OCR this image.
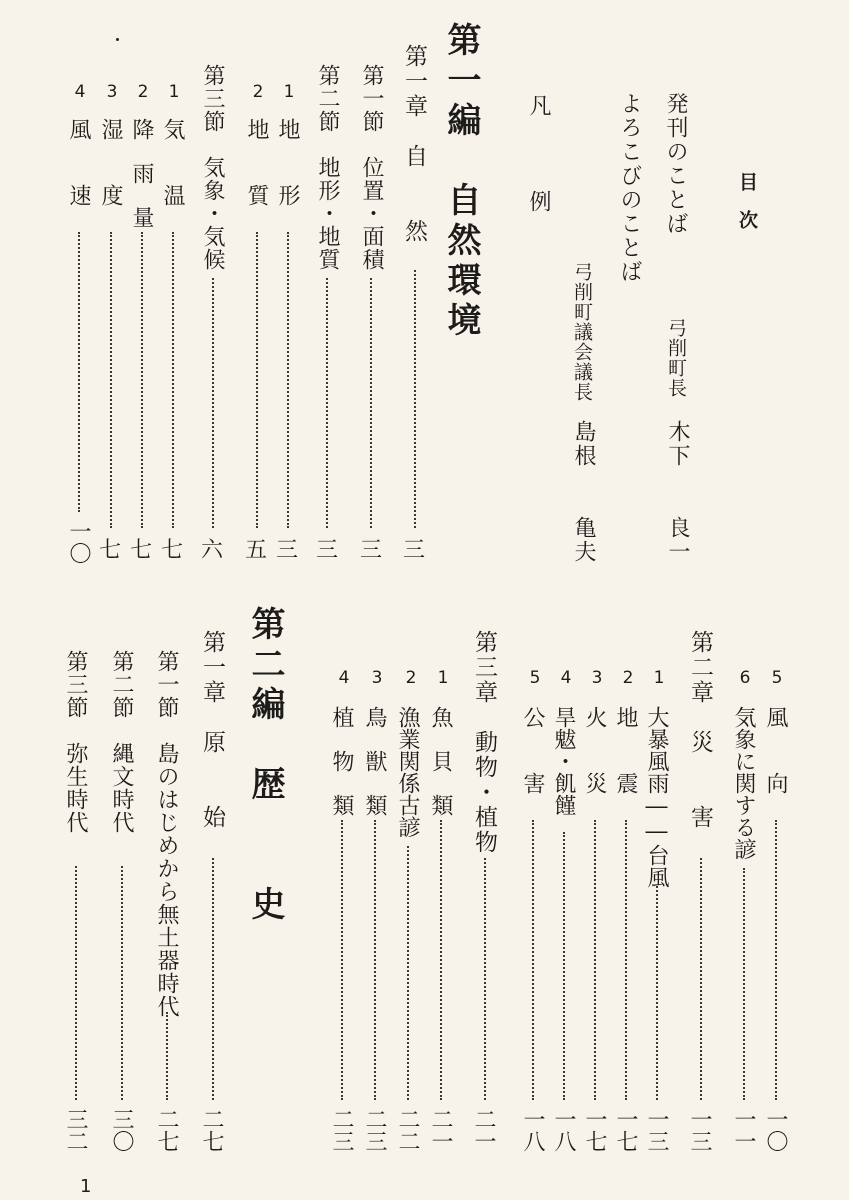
目　次
発刊のことば
弓削町長
木下　　良一
よろこびのことば
弓削町議会議長
島根　　亀夫
凡　　例
第一編　自然環境
第一章　自　　然
三
第一節　位置・面積
三
第二節　地形・地質
三
1
地　　形
三
2
地　　質
五
第三節　気象・気候
六
1
気　　温
七
2
降　雨　量
七
3
湿　　度
七
4
風　　速
一〇
5
風　　向
一〇
6
気象に関する諺
一一
第二章　災　　害
一三
1
大暴風雨――台風
一三
2
地　　震
一七
3
火　　災
一七
4
旱魃・飢饉
一八
5
公　　害
一八
第三章　動物・植物
二一
1
魚　貝　類
二一
2
漁業関係古諺
二二
3
鳥　獣　類
二三
4
植　物　類
二三
第二編　歴　　史
第一章　原　　始
二七
第一節　島のはじめから無土器時代
二七
第二節　縄文時代
三〇
第三節　弥生時代
三二
1
